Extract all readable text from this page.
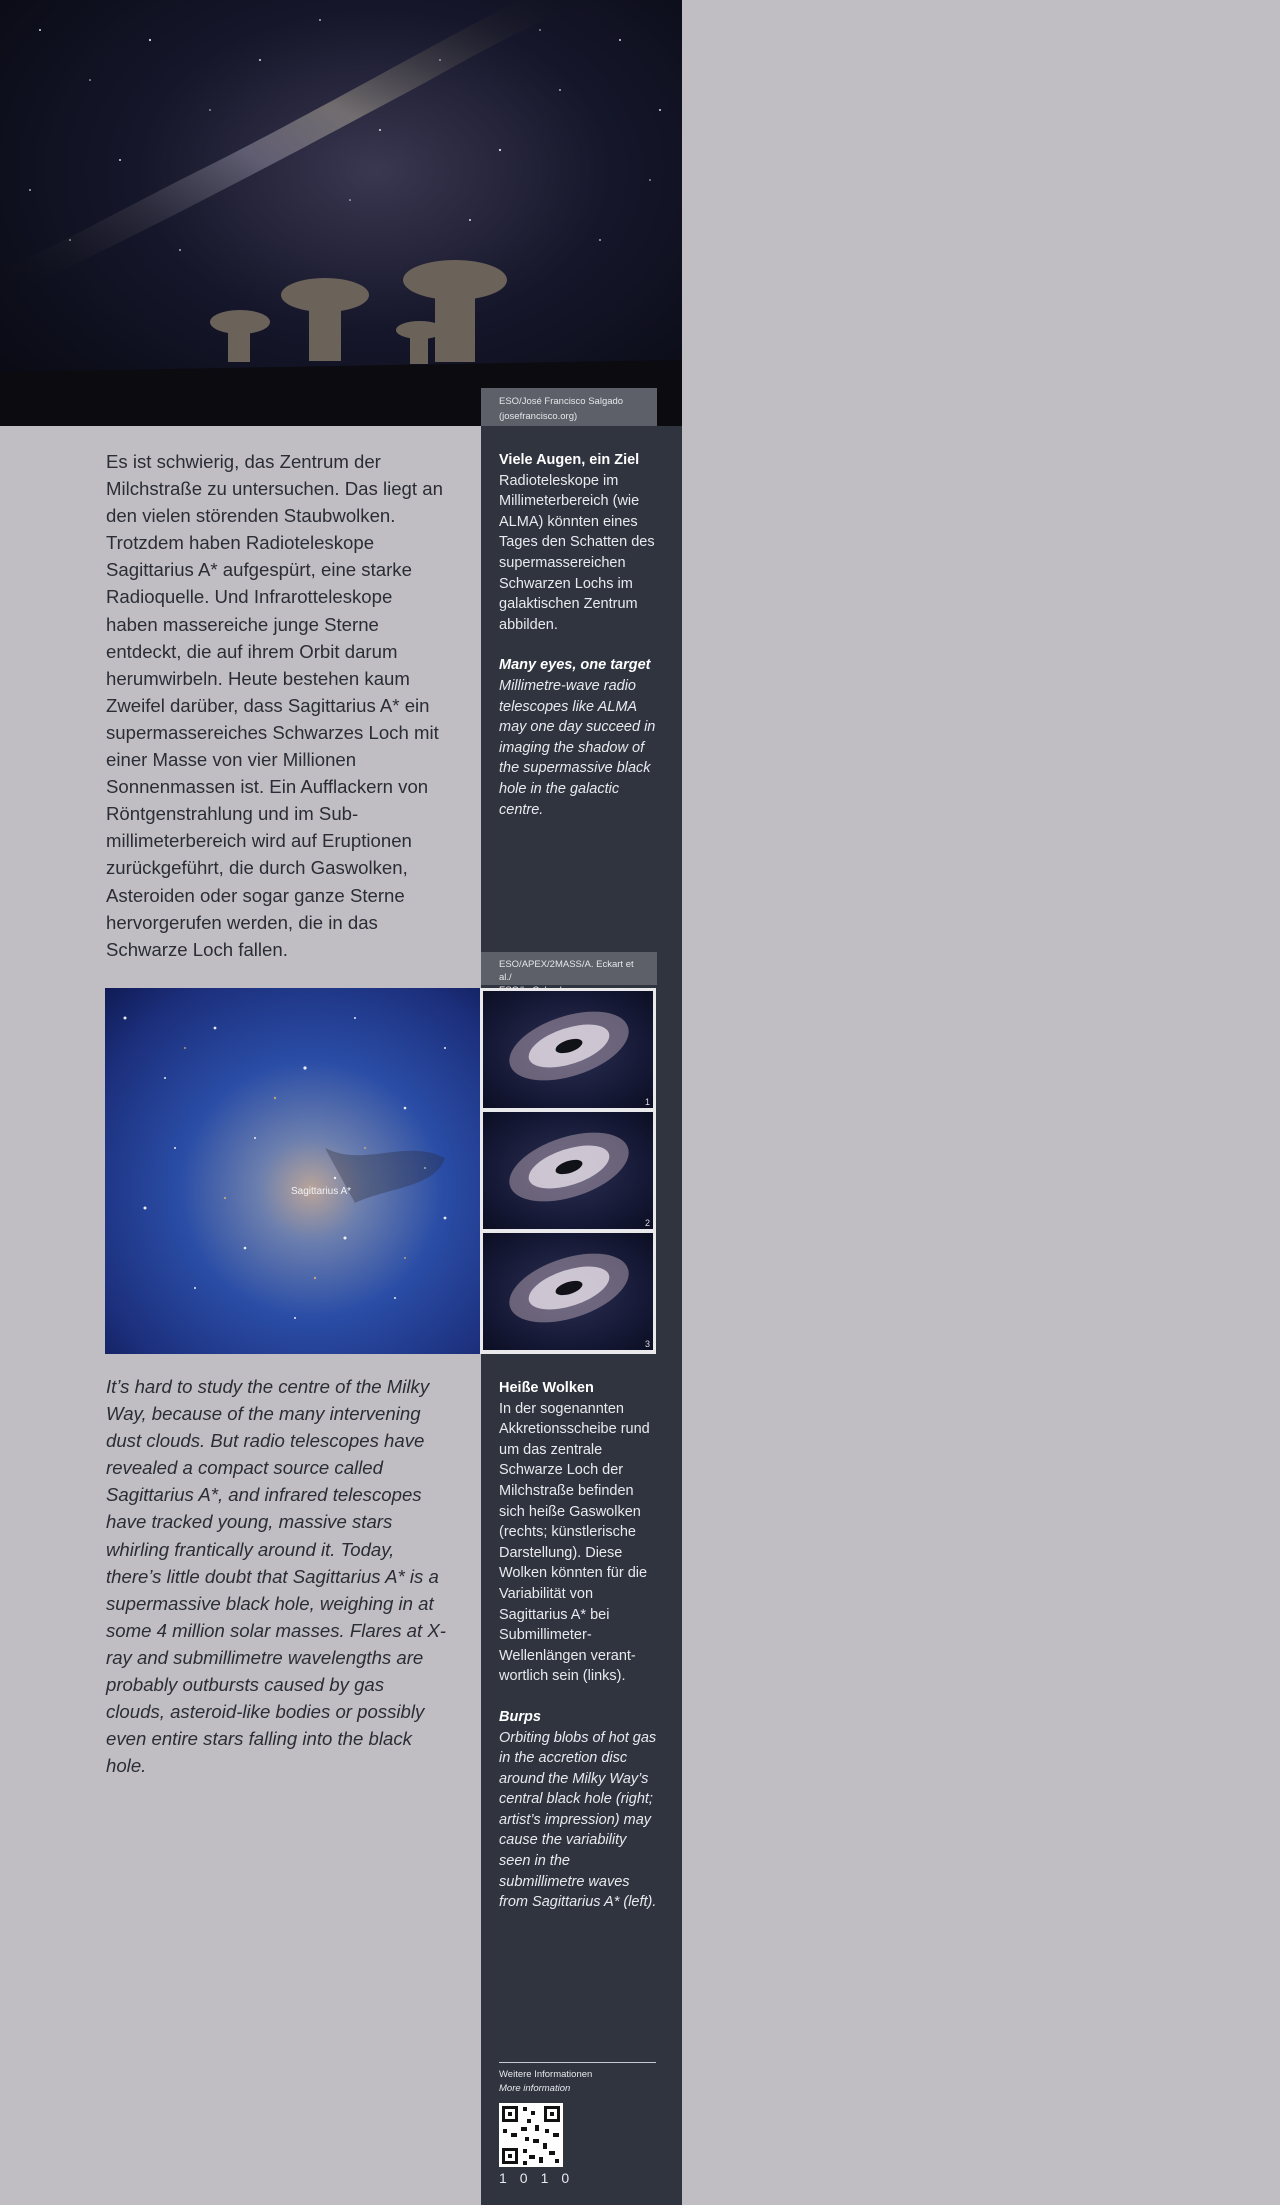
ESO/José Francisco Salgado
(josefrancisco.org)

Viele Augen, ein Ziel

Radioteleskope im Millimeterbereich (wie ALMA) könnten eines Tages den Schatten des supermassereichen Schwarzen Lochs im galaktischen Zentrum abbilden.

Many eyes, one target

Millimetre-wave radio telescopes like ALMA may one day succeed in imaging the shadow of the supermassive black hole in the galactic centre.

Es ist schwierig, das Zentrum der Milchstraße zu untersuchen. Das liegt an den vielen störenden Staubwolken. Trotzdem haben Radioteleskope Sagittarius A* aufgespürt, eine starke Radioquelle. Und Infrarotteleskope haben massereiche junge Sterne entdeckt, die auf ihrem Orbit darum herumwirbeln. Heute bestehen kaum Zweifel darüber, dass Sagittarius A* ein supermassereiches Schwarzes Loch mit einer Masse von vier Millionen Sonnenmassen ist. Ein Aufflackern von Röntgenstrahlung und im Sub-millimeterbereich wird auf Eruptionen zurückgeführt, die durch Gaswolken, Asteroiden oder sogar ganze Sterne hervorgerufen werden, die in das Schwarze Loch fallen.
ESO/APEX/2MASS/A. Eckart et al./
Sagittarius A*
1
2
3
It’s hard to study the centre of the Milky Way, because of the many intervening dust clouds. But radio telescopes have revealed a compact source called Sagittarius A*, and infrared telescopes have tracked young, massive stars whirling frantically around it. Today, there’s little doubt that Sagittarius A* is a supermassive black hole, weighing in at some 4 million solar masses. Flares at X-ray and submillimetre wavelengths are probably outbursts caused by gas clouds, asteroid-like bodies or possibly even entire stars falling into the black hole.

Heiße Wolken

In der sogenannten Akkretionsscheibe rund um das zentrale Schwarze Loch der Milchstraße befinden sich heiße Gaswolken (rechts; künstlerische Darstellung). Diese Wolken könnten für die Variabilität von Sagittarius A* bei Submillimeter-Wellenlängen verant-wortlich sein (links).

Burps

Orbiting blobs of hot gas in the accretion disc around the Milky Way’s central black hole (right; artist’s impression) may cause the variability seen in the submillimetre waves from Sagittarius A* (left).

Weitere Informationen
More information
1010
